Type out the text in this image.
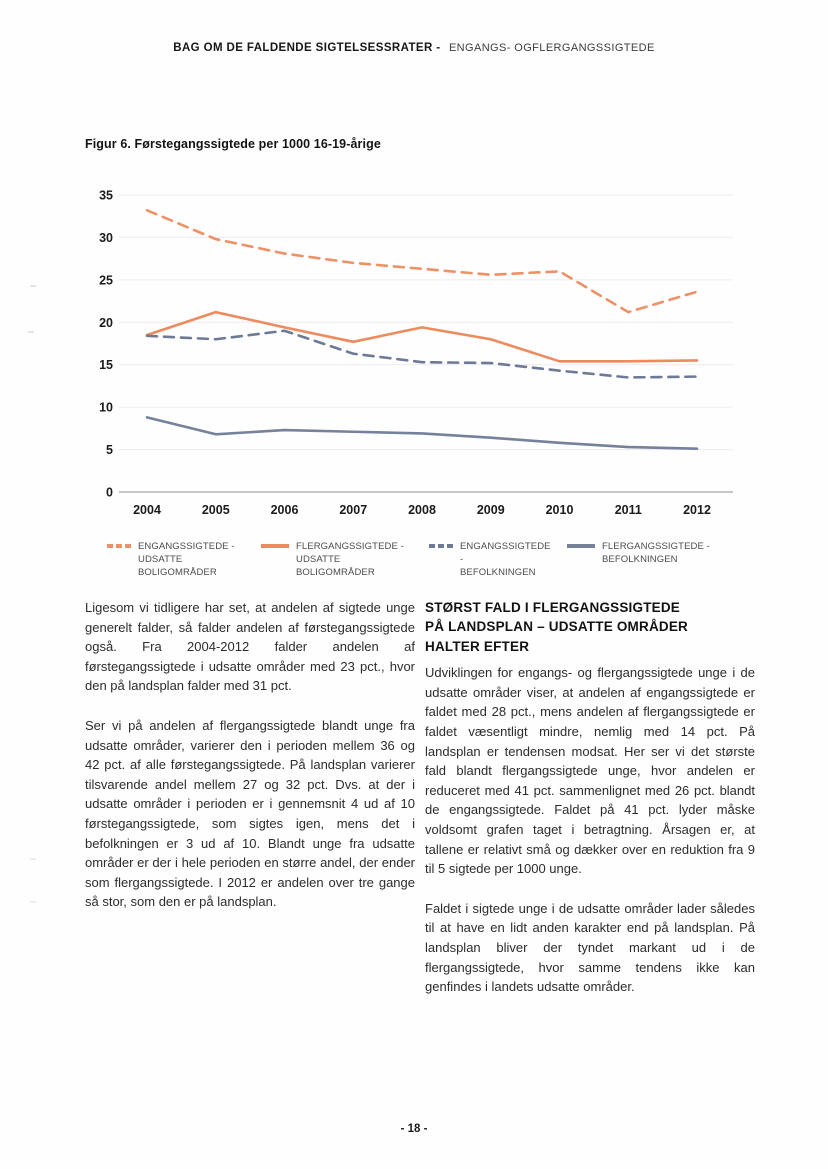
BAG OM DE FALDENDE SIGTELSESSRATER - ENGANGS- OGFLERGANGSSIGTEDE
Figur 6. Førstegangssigtede per 1000 16-19-årige
0
5
10
15
20
25
30
35
2004	2005	2006	2007	2008	2009	2010	2011	2012
ENGANGSSIGTEDE -
UDSATTE BOLIGOMRÅDER
FLERGANGSSIGTEDE -
UDSATTE BOLIGOMRÅDER
ENGANGSSIGTEDE -
BEFOLKNINGEN
FLERGANGSSIGTEDE -
BEFOLKNINGEN

Ligesom vi tidligere har set, at andelen af sigtede unge generelt falder, så falder andelen af førstegangssigtede også. Fra 2004-2012 falder andelen af førstegangssigtede i udsatte områder med 23 pct., hvor den på landsplan falder med 31 pct.

Ser vi på andelen af flergangssigtede blandt unge fra udsatte områder, varierer den i perioden mellem 36 og 42 pct. af alle førstegangssigtede. På landsplan varierer tilsvarende andel mellem 27 og 32 pct. Dvs. at der i udsatte områder i perioden er i gennemsnit 4 ud af 10 førstegangssigtede, som sigtes igen, mens det i befolkningen er 3 ud af 10. Blandt unge fra udsatte områder er der i hele perioden en større andel, der ender som flergangssigtede. I 2012 er andelen over tre gange så stor, som den er på landsplan.

STØRST FALD I FLERGANGSSIGTEDE
PÅ LANDSPLAN – UDSATTE OMRÅDER
HALTER EFTER

Udviklingen for engangs- og flergangssigtede unge i de udsatte områder viser, at andelen af engangssigtede er faldet med 28 pct., mens andelen af flergangssigtede er faldet væsentligt mindre, nemlig med 14 pct. På landsplan er tendensen modsat. Her ser vi det største fald blandt flergangssigtede unge, hvor andelen er reduceret med 41 pct. sammenlignet med 26 pct. blandt de engangssigtede. Faldet på 41 pct. lyder måske voldsomt grafen taget i betragtning. Årsagen er, at tallene er relativt små og dækker over en reduktion fra 9 til 5 sigtede per 1000 unge.

Faldet i sigtede unge i de udsatte områder lader således til at have en lidt anden karakter end på landsplan. På landsplan bliver der tyndet markant ud i de flergangssigtede, hvor samme tendens ikke kan genfindes i landets udsatte områder.

- 18 -
